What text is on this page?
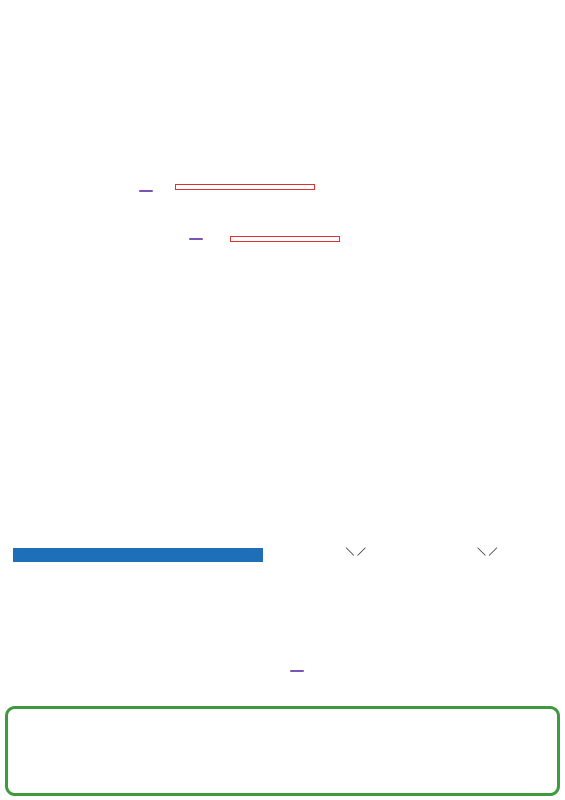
＼ ／	＼ ／
